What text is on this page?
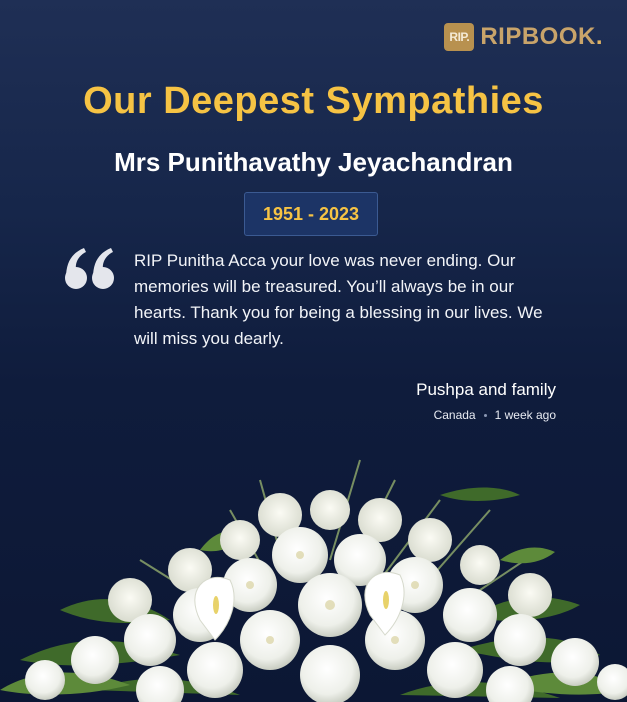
RIP. RIPBOOK.
Our Deepest Sympathies
Mrs Punithavathy Jeyachandran
1951 - 2023

RIP Punitha Acca your love was never ending. Our memories will be treasured. You’ll always be in our hearts. Thank you for being a blessing in our lives. We will miss you dearly.

Pushpa and family
Canada 1 week ago
